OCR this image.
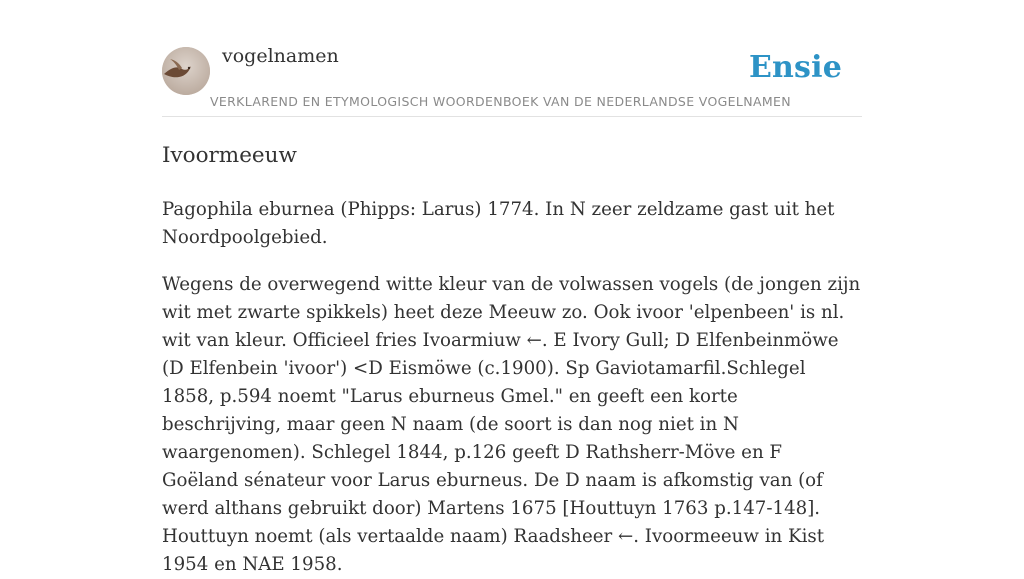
vogelnamen	Ensie
VERKLAREND EN ETYMOLOGISCH WOORDENBOEK VAN DE NEDERLANDSE VOGELNAMEN
Ivoormeeuw

Pagophila eburnea (Phipps: Larus) 1774. In N zeer zeldzame gast uit het Noordpoolgebied.

Wegens de overwegend witte kleur van de volwassen vogels (de jongen zijn wit met zwarte spikkels) heet deze Meeuw zo. Ook ivoor 'elpenbeen' is nl. wit van kleur. Officieel fries Ivoarmiuw ←. E Ivory Gull; D Elfenbeinmöwe (D Elfenbein 'ivoor') <D Eismöwe (c.1900). Sp Gaviotamarfil.Schlegel 1858, p.594 noemt "Larus eburneus Gmel." en geeft een korte beschrijving, maar geen N naam (de soort is dan nog niet in N waargenomen). Schlegel 1844, p.126 geeft D Rathsherr-Möve en F Goëland sénateur voor Larus eburneus. De D naam is afkomstig van (of werd althans gebruikt door) Martens 1675 [Houttuyn 1763 p.147-148]. Houttuyn noemt (als vertaalde naam) Raadsheer ←. Ivoormeeuw in Kist 1954 en NAE 1958.
